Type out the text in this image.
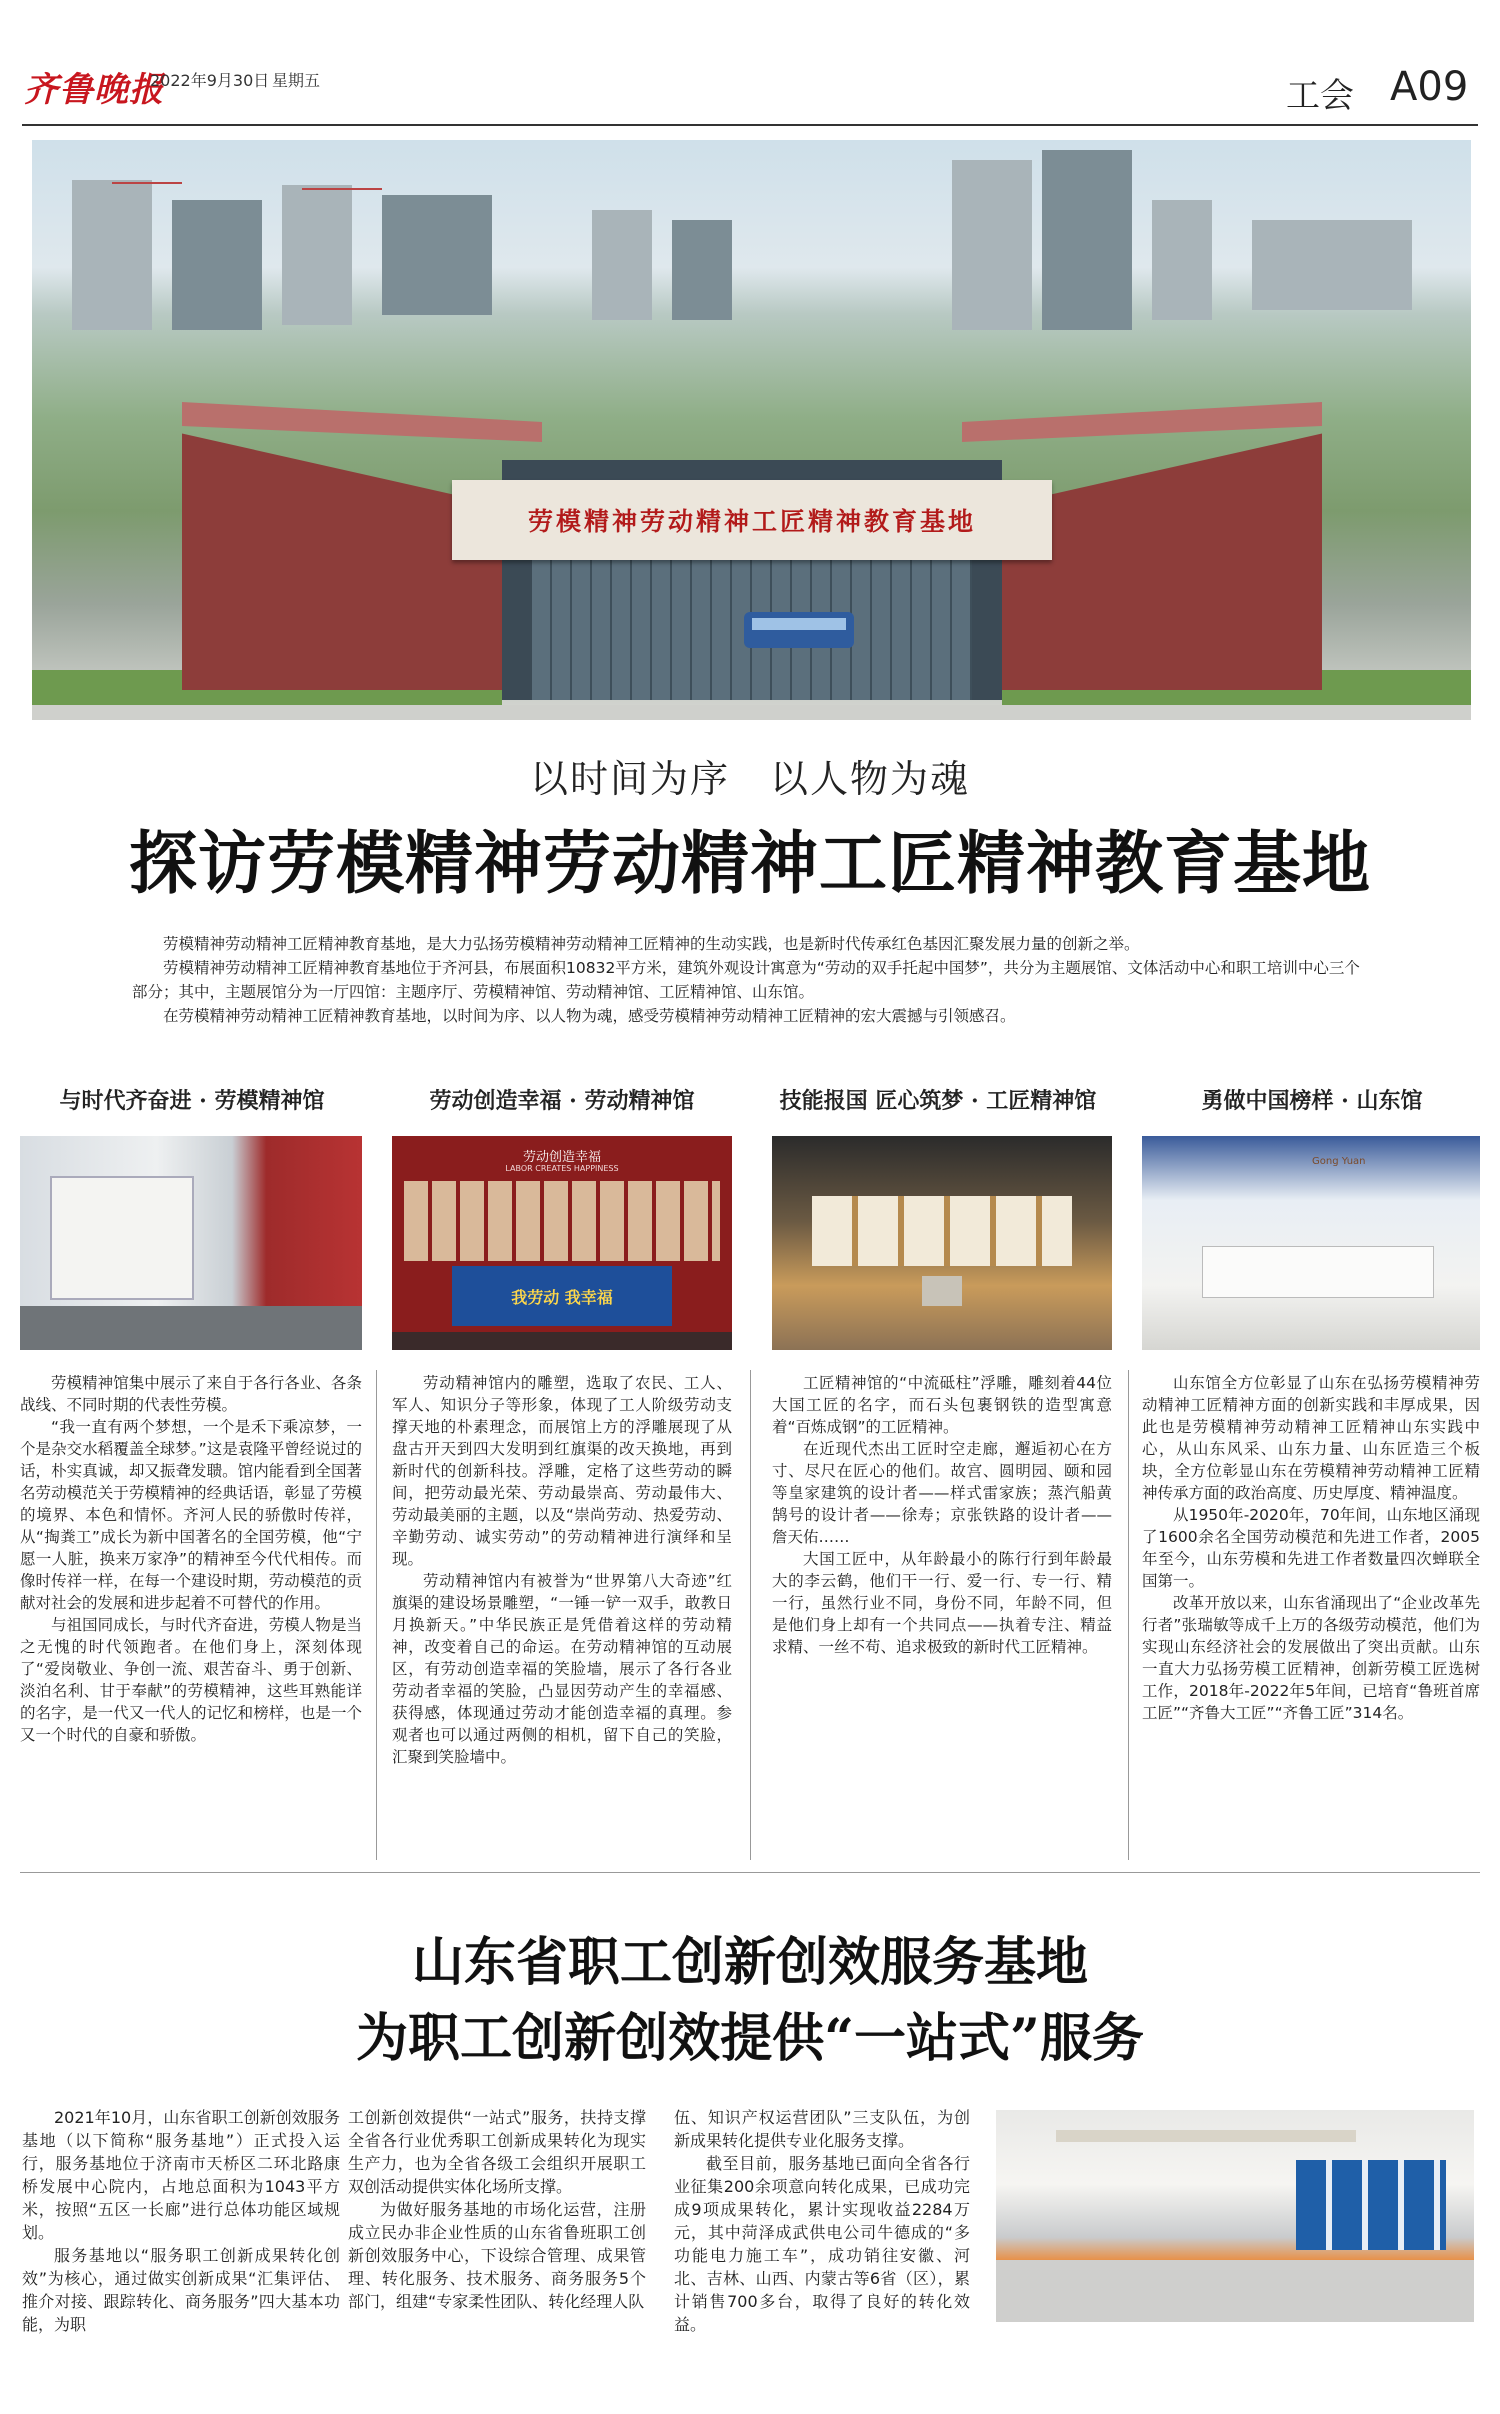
齐鲁晚报
2022年9月30日 星期五	工会 A09
劳模精神劳动精神工匠精神教育基地
以时间为序　以人物为魂
探访劳模精神劳动精神工匠精神教育基地

劳模精神劳动精神工匠精神教育基地，是大力弘扬劳模精神劳动精神工匠精神的生动实践，也是新时代传承红色基因汇聚发展力量的创新之举。

劳模精神劳动精神工匠精神教育基地位于齐河县，布展面积10832平方米，建筑外观设计寓意为“劳动的双手托起中国梦”，共分为主题展馆、文体活动中心和职工培训中心三个部分；其中，主题展馆分为一厅四馆：主题序厅、劳模精神馆、劳动精神馆、工匠精神馆、山东馆。

在劳模精神劳动精神工匠精神教育基地，以时间为序、以人物为魂，感受劳模精神劳动精神工匠精神的宏大震撼与引领感召。

与时代齐奋进 · 劳模精神馆

劳模精神馆集中展示了来自于各行各业、各条战线、不同时期的代表性劳模。

“我一直有两个梦想，一个是禾下乘凉梦，一个是杂交水稻覆盖全球梦。”这是袁隆平曾经说过的话，朴实真诚，却又振聋发聩。馆内能看到全国著名劳动模范关于劳模精神的经典话语，彰显了劳模的境界、本色和情怀。齐河人民的骄傲时传祥，从“掏粪工”成长为新中国著名的全国劳模，他“宁愿一人脏，换来万家净”的精神至今代代相传。而像时传祥一样，在每一个建设时期，劳动模范的贡献对社会的发展和进步起着不可替代的作用。

与祖国同成长，与时代齐奋进，劳模人物是当之无愧的时代领跑者。在他们身上，深刻体现了“爱岗敬业、争创一流、艰苦奋斗、勇于创新、淡泊名利、甘于奉献”的劳模精神，这些耳熟能详的名字，是一代又一代人的记忆和榜样，也是一个又一个时代的自豪和骄傲。

劳动创造幸福 · 劳动精神馆
劳动创造幸福
LABOR CREATES HAPPINESS
我劳动 我幸福

劳动精神馆内的雕塑，选取了农民、工人、军人、知识分子等形象，体现了工人阶级劳动支撑天地的朴素理念，而展馆上方的浮雕展现了从盘古开天到四大发明到红旗渠的改天换地，再到新时代的创新科技。浮雕，定格了这些劳动的瞬间，把劳动最光荣、劳动最崇高、劳动最伟大、劳动最美丽的主题，以及“崇尚劳动、热爱劳动、辛勤劳动、诚实劳动”的劳动精神进行演绎和呈现。

劳动精神馆内有被誉为“世界第八大奇迹”红旗渠的建设场景雕塑，“一锤一铲一双手，敢教日月换新天。”中华民族正是凭借着这样的劳动精神，改变着自己的命运。在劳动精神馆的互动展区，有劳动创造幸福的笑脸墙，展示了各行各业劳动者幸福的笑脸，凸显因劳动产生的幸福感、获得感，体现通过劳动才能创造幸福的真理。参观者也可以通过两侧的相机，留下自己的笑脸，汇聚到笑脸墙中。

技能报国 匠心筑梦 · 工匠精神馆

工匠精神馆的“中流砥柱”浮雕，雕刻着44位大国工匠的名字，而石头包裹钢铁的造型寓意着“百炼成钢”的工匠精神。

在近现代杰出工匠时空走廊，邂逅初心在方寸、尽尺在匠心的他们。故宫、圆明园、颐和园等皇家建筑的设计者——样式雷家族；蒸汽船黄鹄号的设计者——徐寿；京张铁路的设计者——詹天佑……

大国工匠中，从年龄最小的陈行行到年龄最大的李云鹤，他们干一行、爱一行、专一行、精一行，虽然行业不同，身份不同，年龄不同，但是他们身上却有一个共同点——执着专注、精益求精、一丝不苟、追求极致的新时代工匠精神。

勇做中国榜样 · 山东馆
Gong Yuan

山东馆全方位彰显了山东在弘扬劳模精神劳动精神工匠精神方面的创新实践和丰厚成果，因此也是劳模精神劳动精神工匠精神山东实践中心，从山东风采、山东力量、山东匠造三个板块，全方位彰显山东在劳模精神劳动精神工匠精神传承方面的政治高度、历史厚度、精神温度。

从1950年-2020年，70年间，山东地区涌现了1600余名全国劳动模范和先进工作者，2005年至今，山东劳模和先进工作者数量四次蝉联全国第一。

改革开放以来，山东省涌现出了“企业改革先行者”张瑞敏等成千上万的各级劳动模范，他们为实现山东经济社会的发展做出了突出贡献。山东一直大力弘扬劳模工匠精神，创新劳模工匠选树工作，2018年-2022年5年间，已培育“鲁班首席工匠”“齐鲁大工匠”“齐鲁工匠”314名。

山东省职工创新创效服务基地
为职工创新创效提供“一站式”服务

2021年10月，山东省职工创新创效服务基地（以下简称“服务基地”）正式投入运行，服务基地位于济南市天桥区二环北路康桥发展中心院内，占地总面积为1043平方米，按照“五区一长廊”进行总体功能区域规划。

服务基地以“服务职工创新成果转化创效”为核心，通过做实创新成果“汇集评估、推介对接、跟踪转化、商务服务”四大基本功能，为职

工创新创效提供“一站式”服务，扶持支撑全省各行业优秀职工创新成果转化为现实生产力，也为全省各级工会组织开展职工双创活动提供实体化场所支撑。

为做好服务基地的市场化运营，注册成立民办非企业性质的山东省鲁班职工创新创效服务中心，下设综合管理、成果管理、转化服务、技术服务、商务服务5个部门，组建“专家柔性团队、转化经理人队

伍、知识产权运营团队”三支队伍，为创新成果转化提供专业化服务支撑。

截至目前，服务基地已面向全省各行业征集200余项意向转化成果，已成功完成9项成果转化，累计实现收益2284万元，其中菏泽成武供电公司牛德成的“多功能电力施工车”，成功销往安徽、河北、吉林、山西、内蒙古等6省（区），累计销售700多台，取得了良好的转化效益。
